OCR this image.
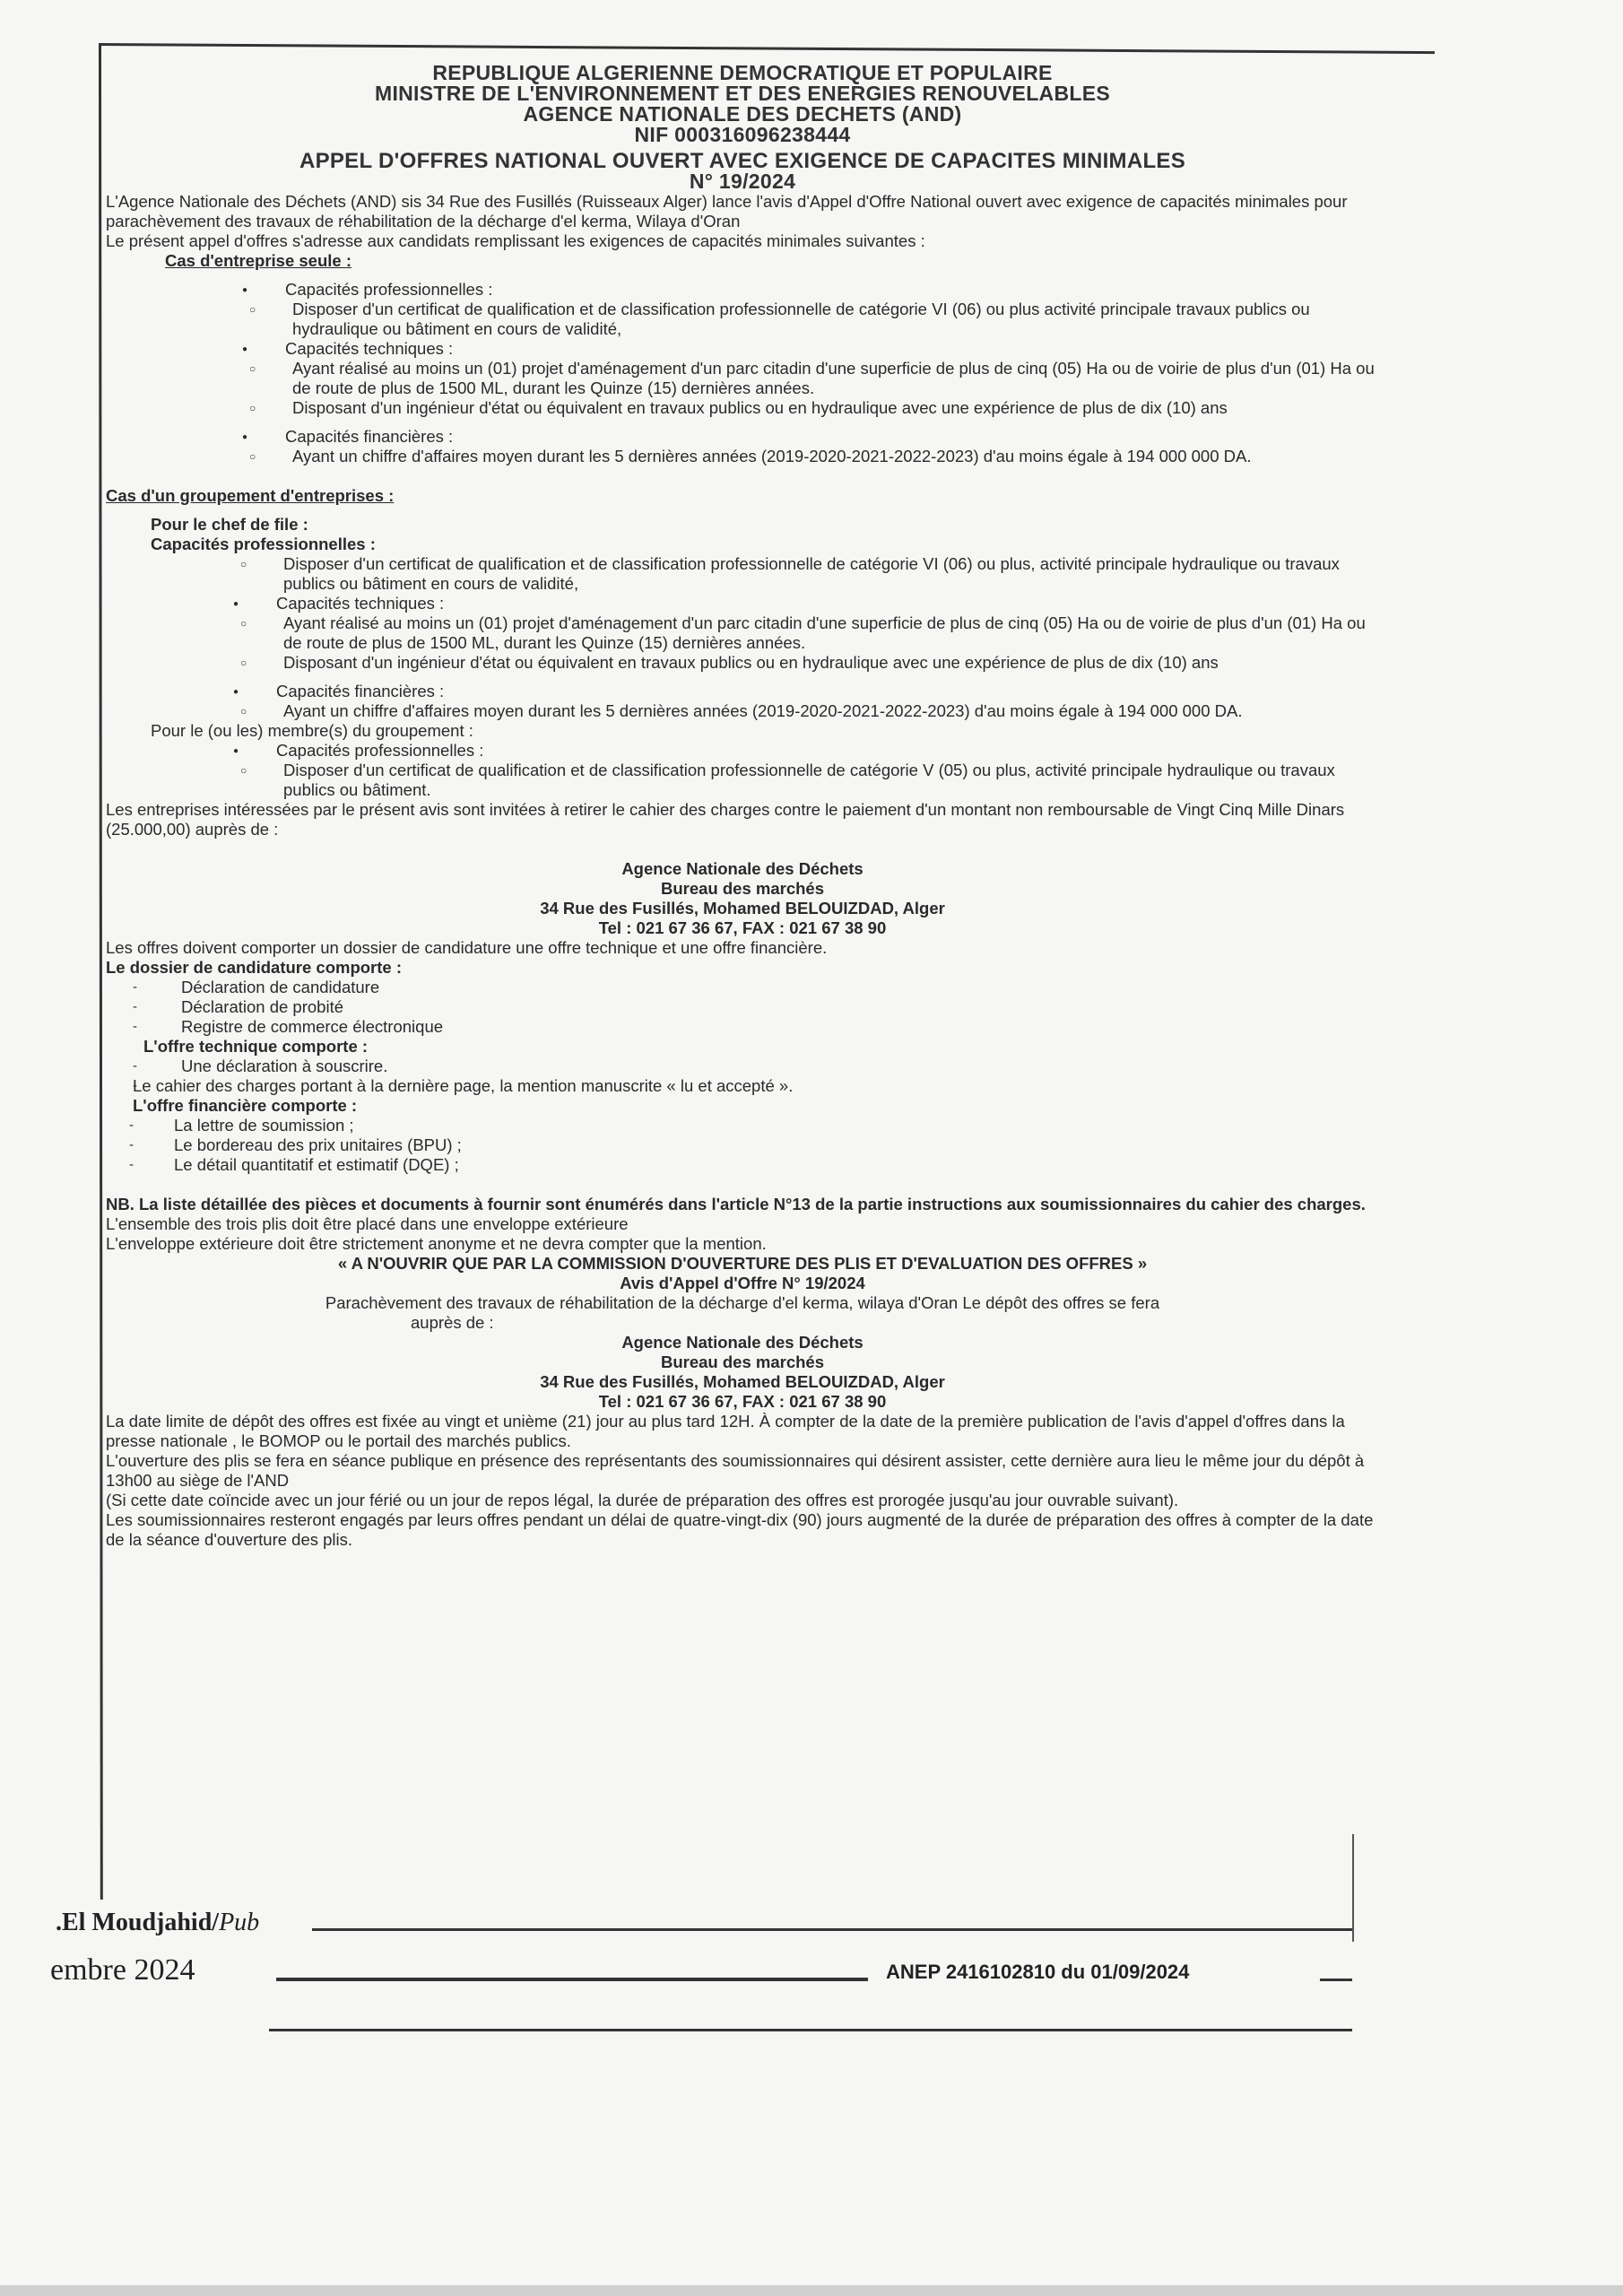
REPUBLIQUE ALGERIENNE DEMOCRATIQUE ET POPULAIRE

MINISTRE DE L'ENVIRONNEMENT ET DES ENERGIES RENOUVELABLES

AGENCE NATIONALE DES DECHETS (AND)

NIF 000316096238444

APPEL D'OFFRES NATIONAL OUVERT AVEC EXIGENCE DE CAPACITES MINIMALES

N° 19/2024

L'Agence Nationale des Déchets (AND) sis 34 Rue des Fusillés (Ruisseaux Alger) lance l'avis d'Appel d'Offre National ouvert avec exigence de capacités minimales pour parachèvement des travaux de réhabilitation de la décharge d'el kerma, Wilaya d'Oran

Le présent appel d'offres s'adresse aux candidats remplissant les exigences de capacités minimales suivantes :

Cas d'entreprise seule :

● Capacités professionnelles :

○ Disposer d'un certificat de qualification et de classification professionnelle de catégorie VI (06) ou plus activité principale travaux publics ou hydraulique ou bâtiment en cours de validité,

● Capacités techniques :

○ Ayant réalisé au moins un (01) projet d'aménagement d'un parc citadin d'une superficie de plus de cinq (05) Ha ou de voirie de plus d'un (01) Ha ou de route de plus de 1500 ML, durant les Quinze (15) dernières années.

○ Disposant d'un ingénieur d'état ou équivalent en travaux publics ou en hydraulique avec une expérience de plus de dix (10) ans

● Capacités financières :

○ Ayant un chiffre d'affaires moyen durant les 5 dernières années (2019-2020-2021-2022-2023) d'au moins égale à 194 000 000 DA.

Cas d'un groupement d'entreprises :

Pour le chef de file :

Capacités professionnelles :

○ Disposer d'un certificat de qualification et de classification professionnelle de catégorie VI (06) ou plus, activité principale hydraulique ou travaux publics ou bâtiment en cours de validité,

● Capacités techniques :

○ Ayant réalisé au moins un (01) projet d'aménagement d'un parc citadin d'une superficie de plus de cinq (05) Ha ou de voirie de plus d'un (01) Ha ou de route de plus de 1500 ML, durant les Quinze (15) dernières années.

○ Disposant d'un ingénieur d'état ou équivalent en travaux publics ou en hydraulique avec une expérience de plus de dix (10) ans

● Capacités financières :

○ Ayant un chiffre d'affaires moyen durant les 5 dernières années (2019-2020-2021-2022-2023) d'au moins égale à 194 000 000 DA.

Pour le (ou les) membre(s) du groupement :

● Capacités professionnelles :

○ Disposer d'un certificat de qualification et de classification professionnelle de catégorie V (05) ou plus, activité principale hydraulique ou travaux publics ou bâtiment.

Les entreprises intéressées par le présent avis sont invitées à retirer le cahier des charges contre le paiement d'un montant non remboursable de Vingt Cinq Mille Dinars (25.000,00) auprès de :

Agence Nationale des Déchets

Bureau des marchés

34 Rue des Fusillés, Mohamed BELOUIZDAD, Alger

Tel : 021 67 36 67, FAX : 021 67 38 90

Les offres doivent comporter un dossier de candidature une offre technique et une offre financière.

Le dossier de candidature comporte :

- Déclaration de candidature

- Déclaration de probité

- Registre de commerce électronique

L'offre technique comporte :

- Une déclaration à souscrire.

- Le cahier des charges portant à la dernière page, la mention manuscrite « lu et accepté ».

L'offre financière comporte :

- La lettre de soumission ;

- Le bordereau des prix unitaires (BPU) ;

- Le détail quantitatif et estimatif (DQE) ;

NB. La liste détaillée des pièces et documents à fournir sont énumérés dans l'article N°13 de la partie instructions aux soumissionnaires du cahier des charges.

L'ensemble des trois plis doit être placé dans une enveloppe extérieure

L'enveloppe extérieure doit être strictement anonyme et ne devra compter que la mention.

« A N'OUVRIR QUE PAR LA COMMISSION D'OUVERTURE DES PLIS ET D'EVALUATION DES OFFRES »

Avis d'Appel d'Offre N° 19/2024

Parachèvement des travaux de réhabilitation de la décharge d'el kerma, wilaya d'Oran Le dépôt des offres se fera

auprès de :

Agence Nationale des Déchets

Bureau des marchés

34 Rue des Fusillés, Mohamed BELOUIZDAD, Alger

Tel : 021 67 36 67, FAX : 021 67 38 90

La date limite de dépôt des offres est fixée au vingt et unième (21) jour au plus tard 12H. À compter de la date de la première publication de l'avis d'appel d'offres dans la presse nationale , le BOMOP ou le portail des marchés publics.

L'ouverture des plis se fera en séance publique en présence des représentants des soumissionnaires qui désirent assister, cette dernière aura lieu le même jour du dépôt à 13h00 au siège de l'AND

(Si cette date coïncide avec un jour férié ou un jour de repos légal, la durée de préparation des offres est prorogée jusqu'au jour ouvrable suivant).

Les soumissionnaires resteront engagés par leurs offres pendant un délai de quatre-vingt-dix (90) jours augmenté de la durée de préparation des offres à compter de la date de la séance d'ouverture des plis.

.El Moudjahid/Pub
embre 2024	ANEP 2416102810 du 01/09/2024
